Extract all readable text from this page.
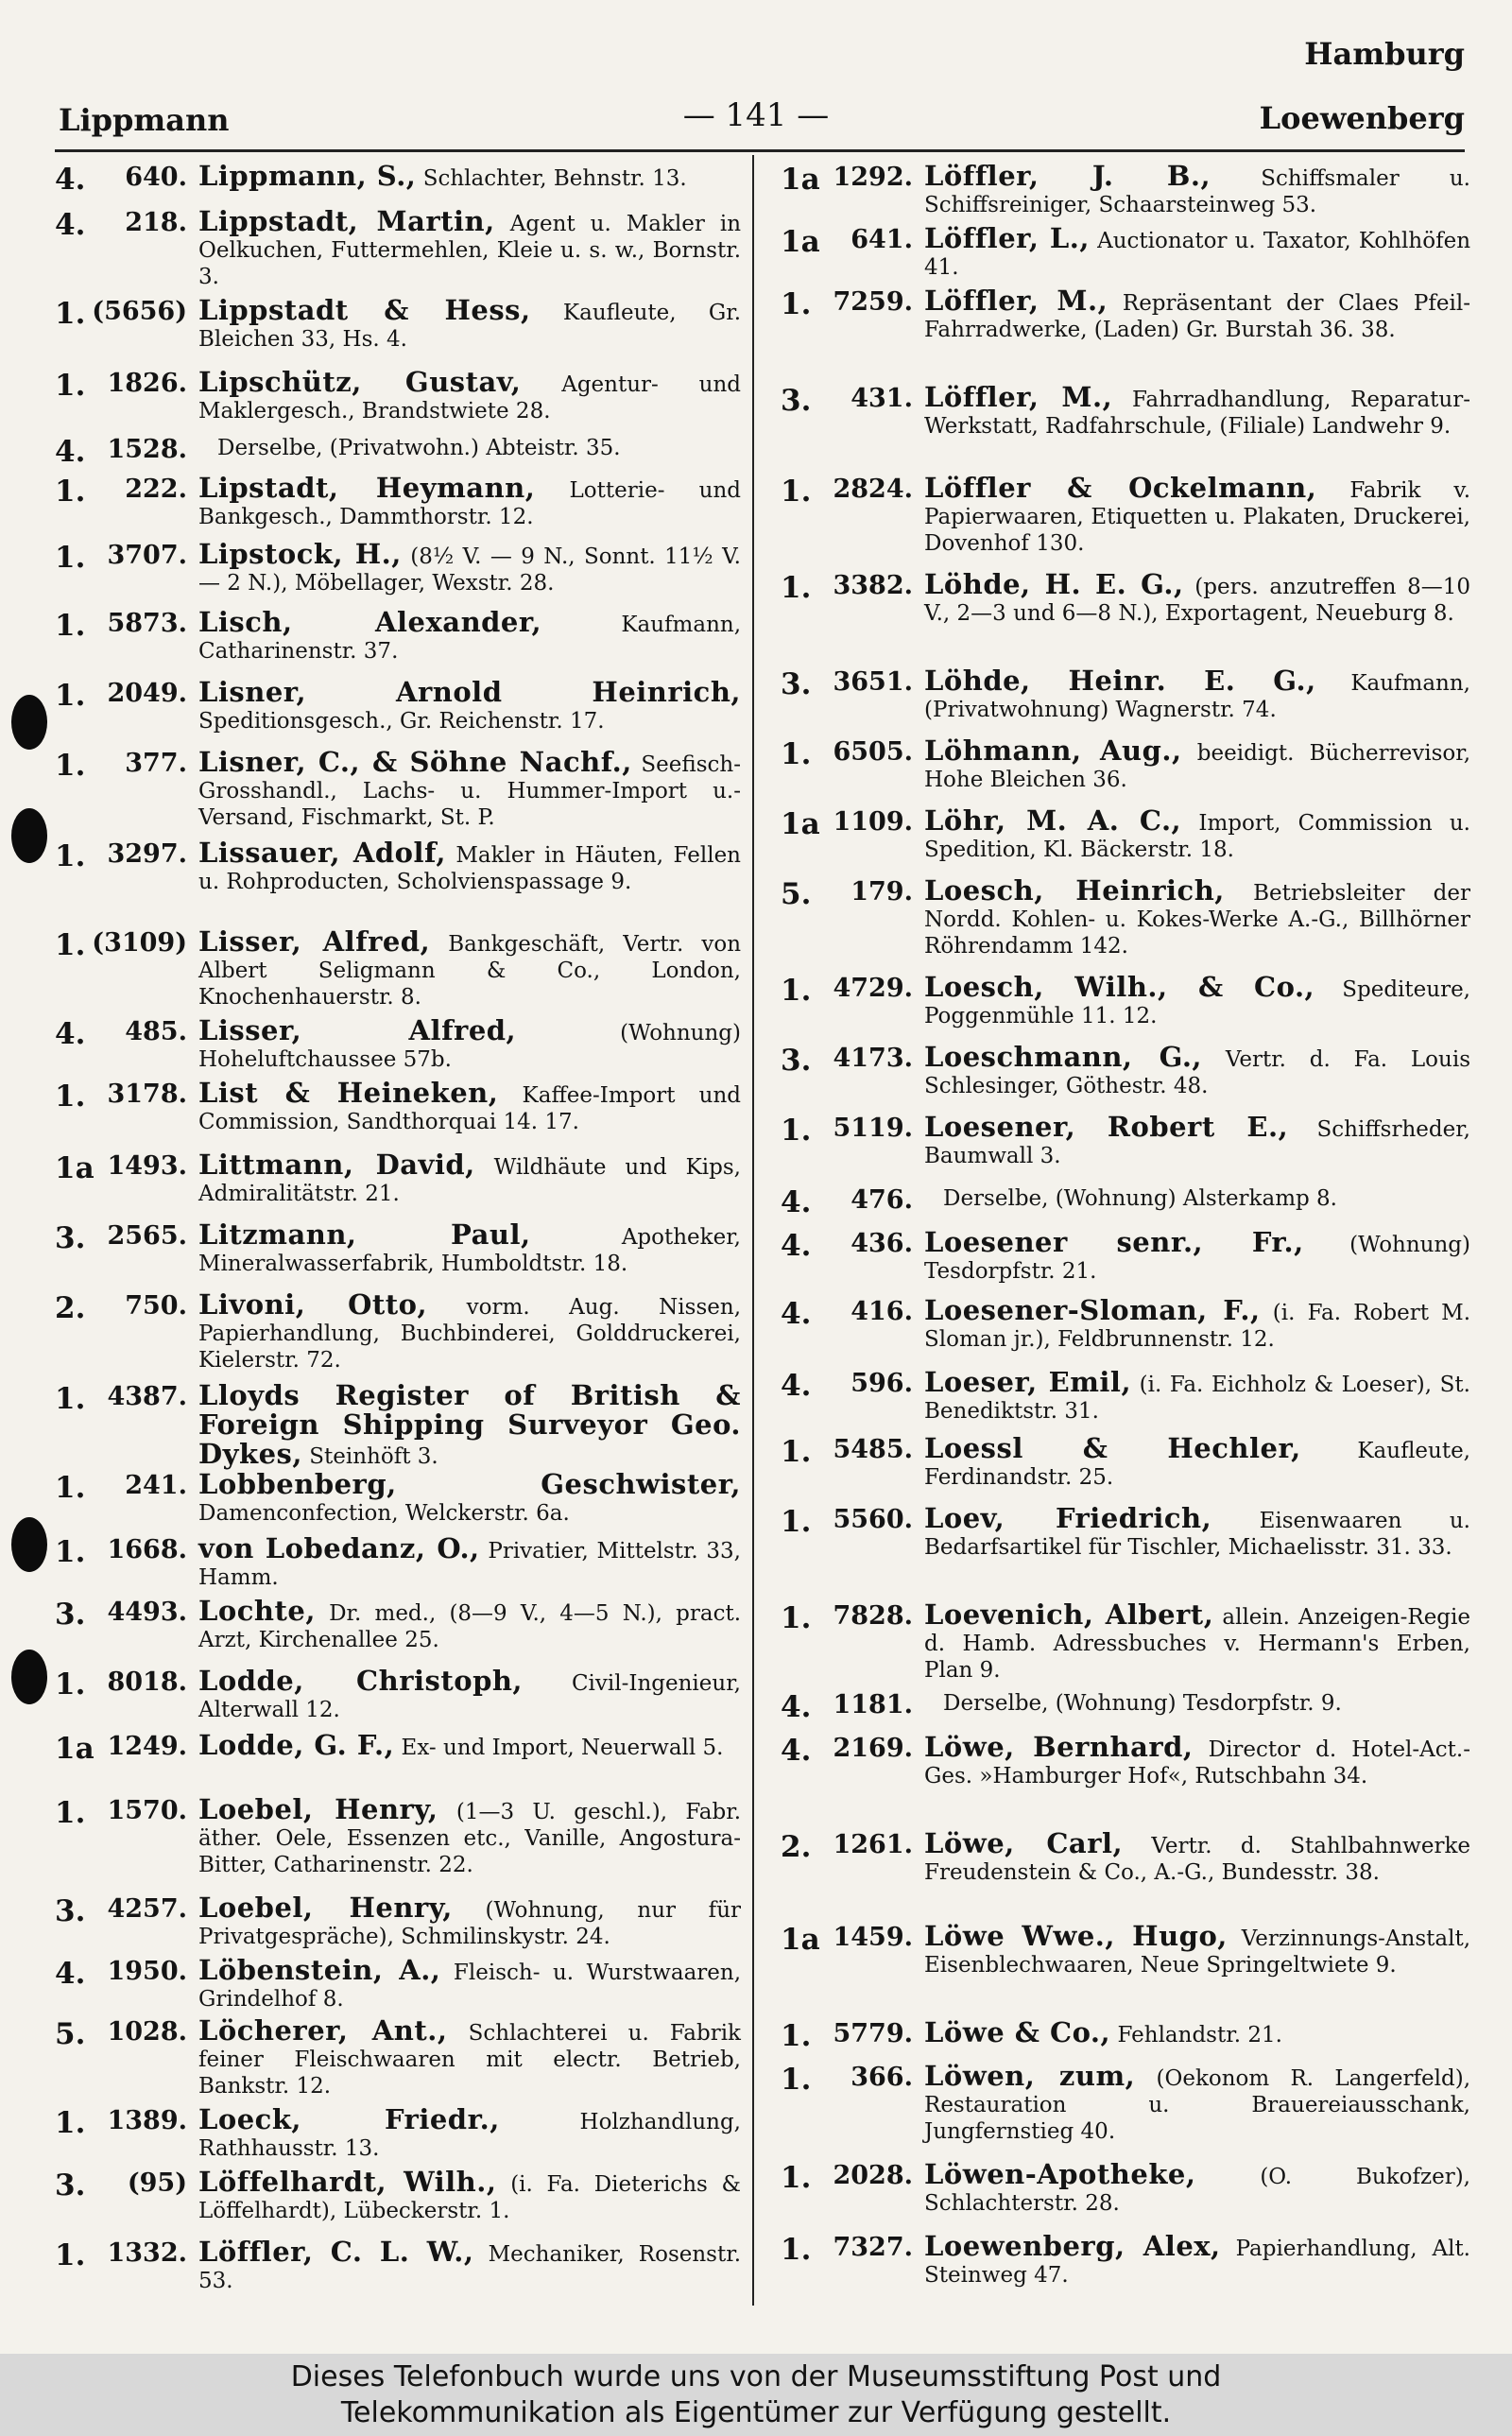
Hamburg
Lippmann	— 141 —	Loewenberg
4. 640. Lippmann, S., Schlachter, Behnstr. 13.
4. 218. Lippstadt, Martin, Agent u. Makler in Oelkuchen, Futtermehlen, Kleie u. s. w., Bornstr. 3.
1. (5656) Lippstadt & Hess, Kaufleute, Gr. Bleichen 33, Hs. 4.
1. 1826. Lipschütz, Gustav, Agentur- und Maklergesch., Brandstwiete 28.
4. 1528.	Derselbe, (Privatwohn.) Abteistr. 35.
1. 222. Lipstadt, Heymann, Lotterie- und Bankgesch., Dammthorstr. 12.
1. 3707. Lipstock, H., (8½ V. — 9 N., Sonnt. 11½ V. — 2 N.), Möbellager, Wexstr. 28.
1. 5873. Lisch, Alexander,	Kaufmann, Catharinenstr. 37.
1. 2049. Lisner, Arnold Heinrich, Speditionsgesch., Gr. Reichenstr. 17.
1. 377. Lisner, C., & Söhne Nachf., Seefisch-Grosshandl., Lachs- u. Hummer-Import u.-Versand, Fischmarkt, St. P.
1. 3297. Lissauer, Adolf, Makler in Häuten, Fellen u. Rohproducten, Scholvienspassage 9.
1. (3109) Lisser, Alfred, Bankgeschäft, Vertr. von Albert Seligmann & Co., London, Knochenhauerstr. 8.
4. 485. Lisser, Alfred,	(Wohnung) Hoheluftchaussee 57b.
1. 3178. List & Heineken, Kaffee-Import und Commission, Sandthorquai 14. 17.
1a 1493. Littmann, David, Wildhäute und Kips, Admiralitätstr. 21.
3. 2565. Litzmann, Paul,	Apotheker, Mineralwasserfabrik, Humboldtstr. 18.
2. 750. Livoni, Otto, vorm. Aug. Nissen, Papierhandlung, Buchbinderei, Golddruckerei, Kielerstr. 72.
1. 4387. Lloyds Register of British & Foreign Shipping Surveyor Geo. Dykes, Steinhöft 3.
1. 241. Lobbenberg, Geschwister, Damenconfection, Welckerstr. 6a.
1. 1668. von Lobedanz, O., Privatier, Mittelstr. 33, Hamm.
3. 4493. Lochte, Dr. med., (8—9 V., 4—5 N.), pract. Arzt, Kirchenallee 25.
1. 8018. Lodde, Christoph, Civil-Ingenieur, Alterwall 12.
1a 1249. Lodde, G. F., Ex- und Import, Neuerwall 5.
1. 1570. Loebel, Henry, (1—3 U. geschl.), Fabr. äther. Oele, Essenzen etc., Vanille, Angostura-Bitter, Catharinenstr. 22.
3. 4257. Loebel, Henry, (Wohnung, nur für Privatgespräche), Schmilinskystr. 24.
4. 1950. Löbenstein, A., Fleisch- u. Wurstwaaren, Grindelhof 8.
5. 1028. Löcherer, Ant., Schlachterei u. Fabrik feiner Fleischwaaren mit electr. Betrieb, Bankstr. 12.
1. 1389. Loeck, Friedr.,	Holzhandlung, Rathhausstr. 13.
3. (95) Löffelhardt, Wilh., (i. Fa. Dieterichs & Löffelhardt), Lübeckerstr. 1.
1. 1332. Löffler, C. L. W., Mechaniker, Rosenstr. 53.
1a 1292. Löffler, J. B., Schiffsmaler u. Schiffsreiniger, Schaarsteinweg 53.
1a 641. Löffler, L., Auctionator u. Taxator, Kohlhöfen 41.
1. 7259. Löffler, M., Repräsentant der Claes Pfeil-Fahrradwerke, (Laden) Gr. Burstah 36. 38.
3. 431. Löffler, M., Fahrradhandlung, Reparatur-Werkstatt, Radfahrschule, (Filiale) Landwehr 9.
1. 2824. Löffler & Ockelmann, Fabrik v. Papierwaaren, Etiquetten u. Plakaten, Druckerei, Dovenhof 130.
1. 3382. Löhde, H. E. G., (pers. anzutreffen 8—10 V., 2—3 und 6—8 N.), Exportagent, Neueburg 8.
3. 3651. Löhde, Heinr. E. G., Kaufmann, (Privatwohnung) Wagnerstr. 74.
1. 6505. Löhmann, Aug., beeidigt. Bücherrevisor, Hohe Bleichen 36.
1a 1109. Löhr, M. A. C., Import, Commission u. Spedition, Kl. Bäckerstr. 18.
5. 179. Loesch, Heinrich, Betriebsleiter der Nordd. Kohlen- u. Kokes-Werke A.-G., Billhörner Röhrendamm 142.
1. 4729. Loesch, Wilh., & Co., Spediteure, Poggenmühle 11. 12.
3. 4173. Loeschmann, G., Vertr. d. Fa. Louis Schlesinger, Göthestr. 48.
1. 5119. Loesener, Robert E., Schiffsrheder, Baumwall 3.
4. 476.	Derselbe, (Wohnung) Alsterkamp 8.
4. 436. Loesener senr., Fr., (Wohnung) Tesdorpfstr. 21.
4. 416. Loesener-Sloman, F., (i. Fa. Robert M. Sloman jr.), Feldbrunnenstr. 12.
4. 596. Loeser, Emil, (i. Fa. Eichholz & Loeser), St. Benediktstr. 31.
1. 5485. Loessl & Hechler,	Kaufleute, Ferdinandstr. 25.
1. 5560. Loev, Friedrich, Eisenwaaren u. Bedarfsartikel für Tischler, Michaelisstr. 31. 33.
1. 7828. Loevenich, Albert, allein. Anzeigen-Regie d. Hamb. Adressbuches v. Hermann's Erben, Plan 9.
4. 1181.	Derselbe, (Wohnung) Tesdorpfstr. 9.
4. 2169. Löwe, Bernhard, Director d. Hotel-Act.-Ges. »Hamburger Hof«, Rutschbahn 34.
2. 1261. Löwe, Carl, Vertr. d. Stahlbahnwerke Freudenstein & Co., A.-G., Bundesstr. 38.
1a 1459. Löwe Wwe., Hugo, Verzinnungs-Anstalt, Eisenblechwaaren, Neue Springeltwiete 9.
1. 5779. Löwe & Co., Fehlandstr. 21.
1. 366. Löwen, zum, (Oekonom R. Langerfeld), Restauration u. Brauereiausschank, Jungfernstieg 40.
1. 2028. Löwen-Apotheke,	(O. Bukofzer), Schlachterstr. 28.
1. 7327. Loewenberg, Alex, Papierhandlung, Alt. Steinweg 47.
Dieses Telefonbuch wurde uns von der Museumsstiftung Post und
Telekommunikation als Eigentümer zur Verfügung gestellt.
